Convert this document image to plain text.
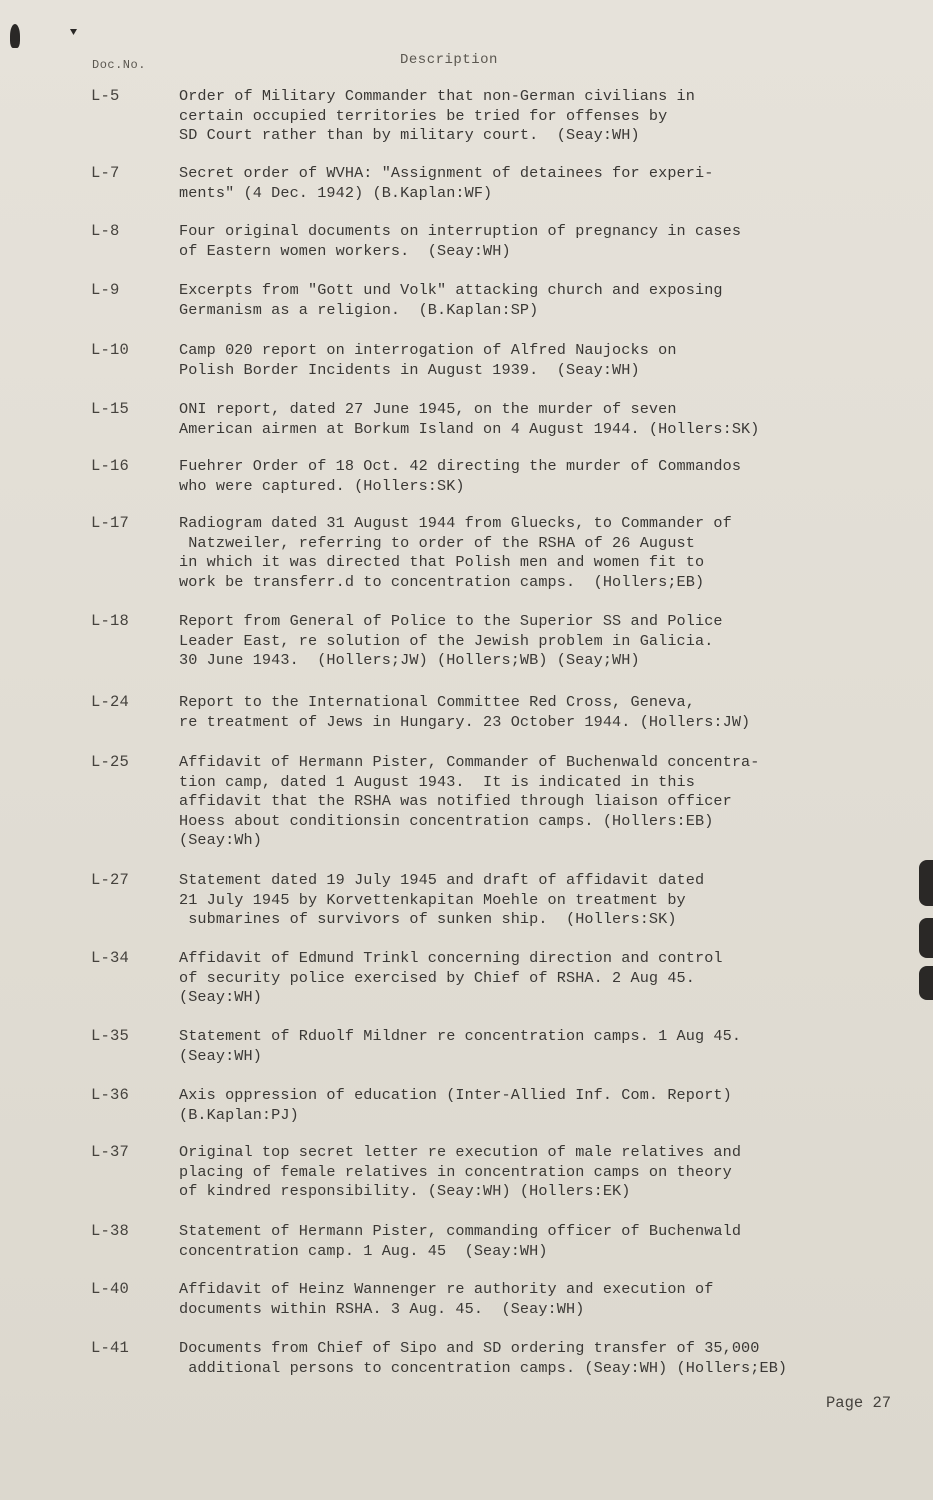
Doc.No.	Description
L-5	Order of Military Commander that non-German civilians in
certain occupied territories be tried for offenses by
SD Court rather than by military court.  (Seay:WH)
L-7	Secret order of WVHA: "Assignment of detainees for experi-
ments" (4 Dec. 1942) (B.Kaplan:WF)
L-8	Four original documents on interruption of pregnancy in cases
of Eastern women workers.  (Seay:WH)
L-9	Excerpts from "Gott und Volk" attacking church and exposing
Germanism as a religion.  (B.Kaplan:SP)
L-10	Camp 020 report on interrogation of Alfred Naujocks on
Polish Border Incidents in August 1939.  (Seay:WH)
L-15	ONI report, dated 27 June 1945, on the murder of seven
American airmen at Borkum Island on 4 August 1944. (Hollers:SK)
L-16	Fuehrer Order of 18 Oct. 42 directing the murder of Commandos
who were captured. (Hollers:SK)
L-17	Radiogram dated 31 August 1944 from Gluecks, to Commander of
Natzweiler, referring to order of the RSHA of 26 August
in which it was directed that Polish men and women fit to
work be transferr.d to concentration camps.  (Hollers;EB)
L-18	Report from General of Police to the Superior SS and Police
Leader East, re solution of the Jewish problem in Galicia.
30 June 1943.  (Hollers;JW) (Hollers;WB) (Seay;WH)
L-24	Report to the International Committee Red Cross, Geneva,
re treatment of Jews in Hungary. 23 October 1944. (Hollers:JW)
L-25	Affidavit of Hermann Pister, Commander of Buchenwald concentra-
tion camp, dated 1 August 1943.  It is indicated in this
affidavit that the RSHA was notified through liaison officer
Hoess about conditionsin concentration camps. (Hollers:EB)
(Seay:Wh)
L-27	Statement dated 19 July 1945 and draft of affidavit dated
21 July 1945 by Korvettenkapitan Moehle on treatment by
submarines of survivors of sunken ship.  (Hollers:SK)
L-34	Affidavit of Edmund Trinkl concerning direction and control
of security police exercised by Chief of RSHA. 2 Aug 45.
(Seay:WH)
L-35	Statement of Rduolf Mildner re concentration camps. 1 Aug 45.
(Seay:WH)
L-36	Axis oppression of education (Inter-Allied Inf. Com. Report)
(B.Kaplan:PJ)
L-37	Original top secret letter re execution of male relatives and
placing of female relatives in concentration camps on theory
of kindred responsibility. (Seay:WH) (Hollers:EK)
L-38	Statement of Hermann Pister, commanding officer of Buchenwald
concentration camp. 1 Aug. 45  (Seay:WH)
L-40	Affidavit of Heinz Wannenger re authority and execution of
documents within RSHA. 3 Aug. 45.  (Seay:WH)
L-41	Documents from Chief of Sipo and SD ordering transfer of 35,000
additional persons to concentration camps. (Seay:WH) (Hollers;EB)
Page 27
